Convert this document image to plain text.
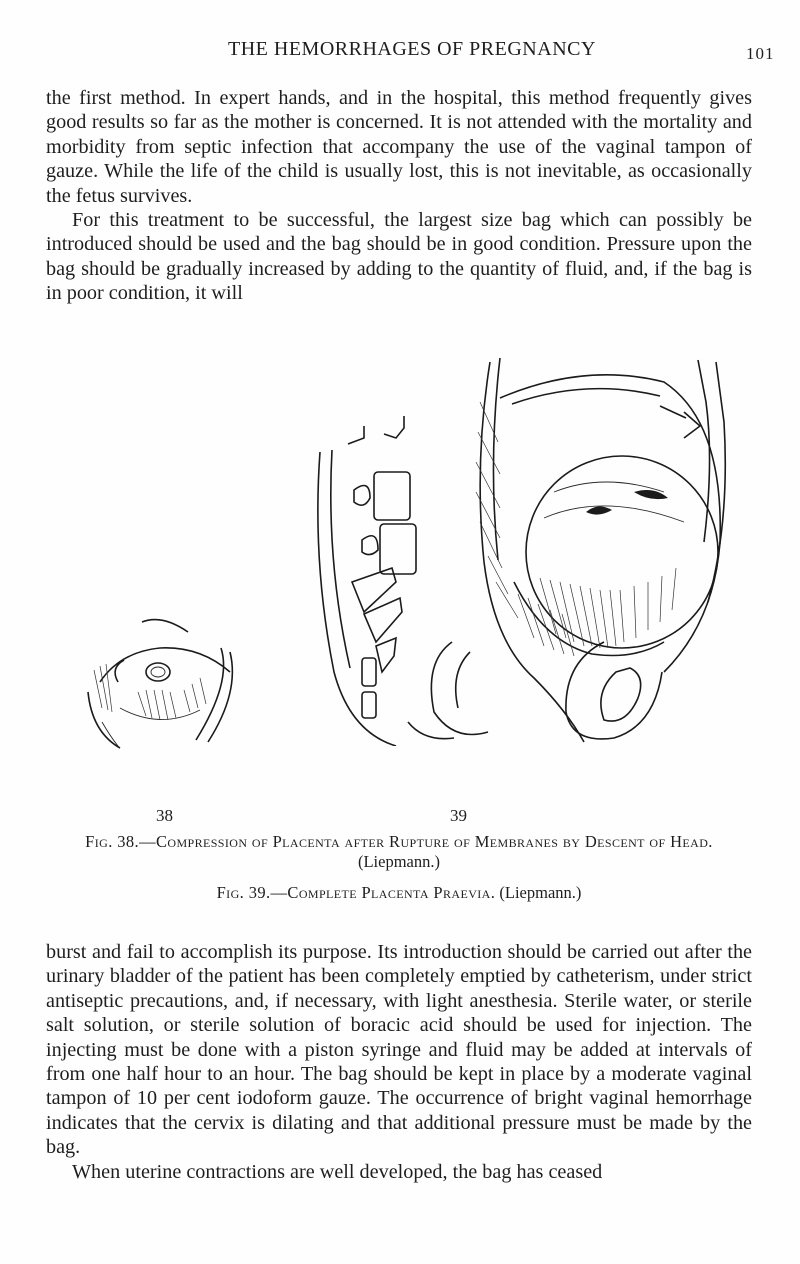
THE HEMORRHAGES OF PREGNANCY	101

the first method. In expert hands, and in the hospital, this method frequently gives good results so far as the mother is concerned. It is not attended with the mortality and morbidity from septic infection that accompany the use of the vaginal tampon of gauze. While the life of the child is usually lost, this is not inevitable, as occasionally the fetus survives.

For this treatment to be successful, the largest size bag which can possibly be introduced should be used and the bag should be in good condition. Pressure upon the bag should be gradually increased by adding to the quantity of fluid, and, if the bag is in poor condition, it will

38	39
Fig. 38.—Compression of Placenta after Rupture of Membranes by Descent of Head.
(Liepmann.)
Fig. 39.—Complete Placenta Praevia. (Liepmann.)

burst and fail to accomplish its purpose. Its introduction should be carried out after the urinary bladder of the patient has been completely emptied by catheterism, under strict antiseptic precautions, and, if necessary, with light anesthesia. Sterile water, or sterile salt solution, or sterile solution of boracic acid should be used for injection. The injecting must be done with a piston syringe and fluid may be added at intervals of from one half hour to an hour. The bag should be kept in place by a moderate vaginal tampon of 10 per cent iodoform gauze. The occurrence of bright vaginal hemorrhage indicates that the cervix is dilating and that additional pressure must be made by the bag.

When uterine contractions are well developed, the bag has ceased
